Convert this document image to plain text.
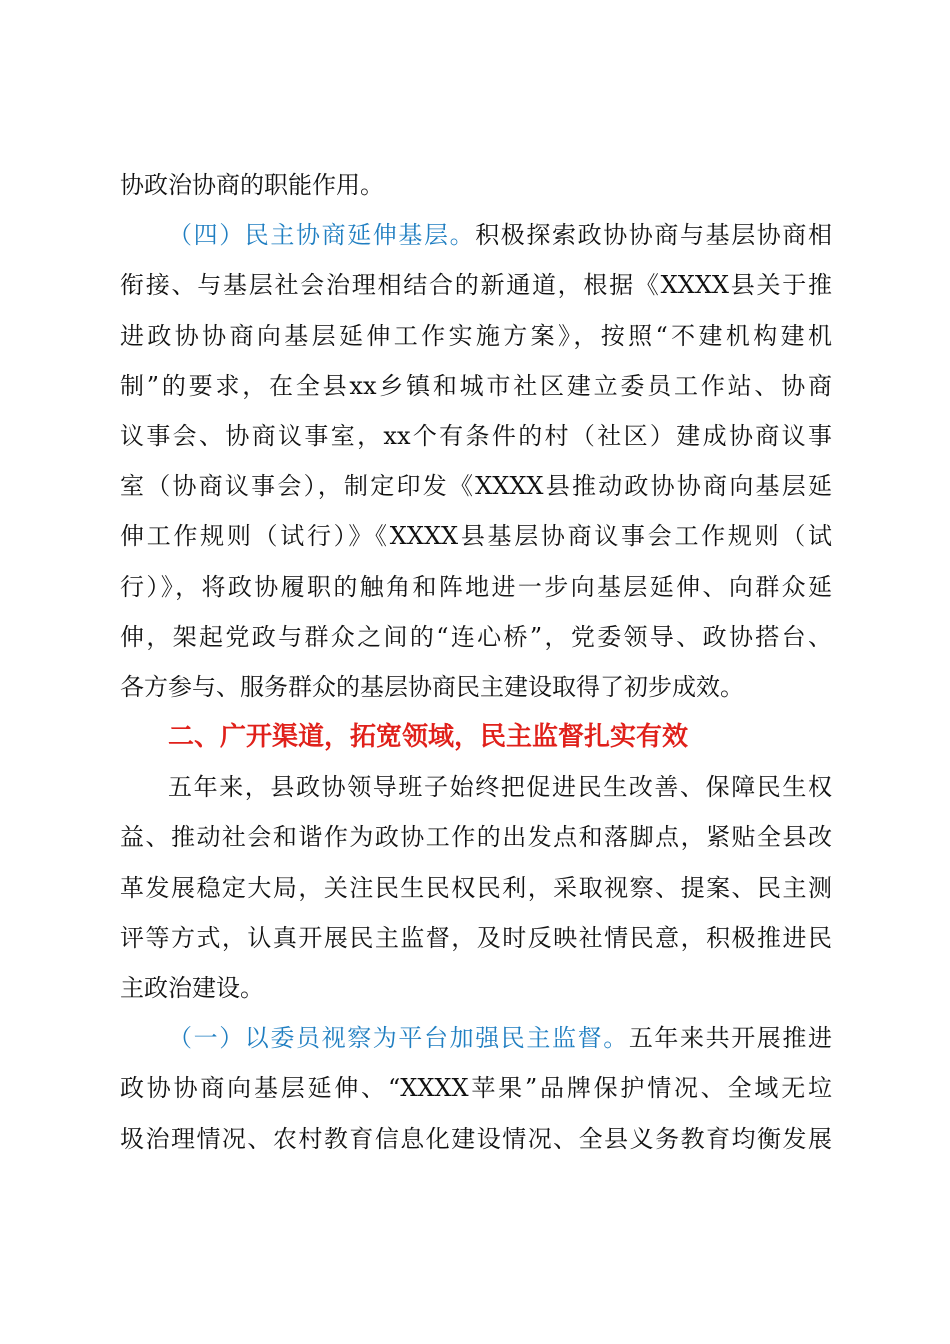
协政治协商的职能作用。
（四）民主协商延伸基层。积极探索政协协商与基层协商相
衔接、与基层社会治理相结合的新通道，根据《XXXX县关于推
进政协协商向基层延伸工作实施方案》，按照“不建机构建机
制”的要求，在全县xx乡镇和城市社区建立委员工作站、协商
议事会、协商议事室，xx个有条件的村（社区）建成协商议事
室（协商议事会），制定印发《XXXX县推动政协协商向基层延
伸工作规则（试行）》《XXXX县基层协商议事会工作规则（试
行）》，将政协履职的触角和阵地进一步向基层延伸、向群众延
伸，架起党政与群众之间的“连心桥”，党委领导、政协搭台、
各方参与、服务群众的基层协商民主建设取得了初步成效。
二、广开渠道，拓宽领域，民主监督扎实有效
五年来，县政协领导班子始终把促进民生改善、保障民生权
益、推动社会和谐作为政协工作的出发点和落脚点，紧贴全县改
革发展稳定大局，关注民生民权民利，采取视察、提案、民主测
评等方式，认真开展民主监督，及时反映社情民意，积极推进民
主政治建设。
（一）以委员视察为平台加强民主监督。五年来共开展推进
政协协商向基层延伸、“XXXX苹果”品牌保护情况、全域无垃
圾治理情况、农村教育信息化建设情况、全县义务教育均衡发展
